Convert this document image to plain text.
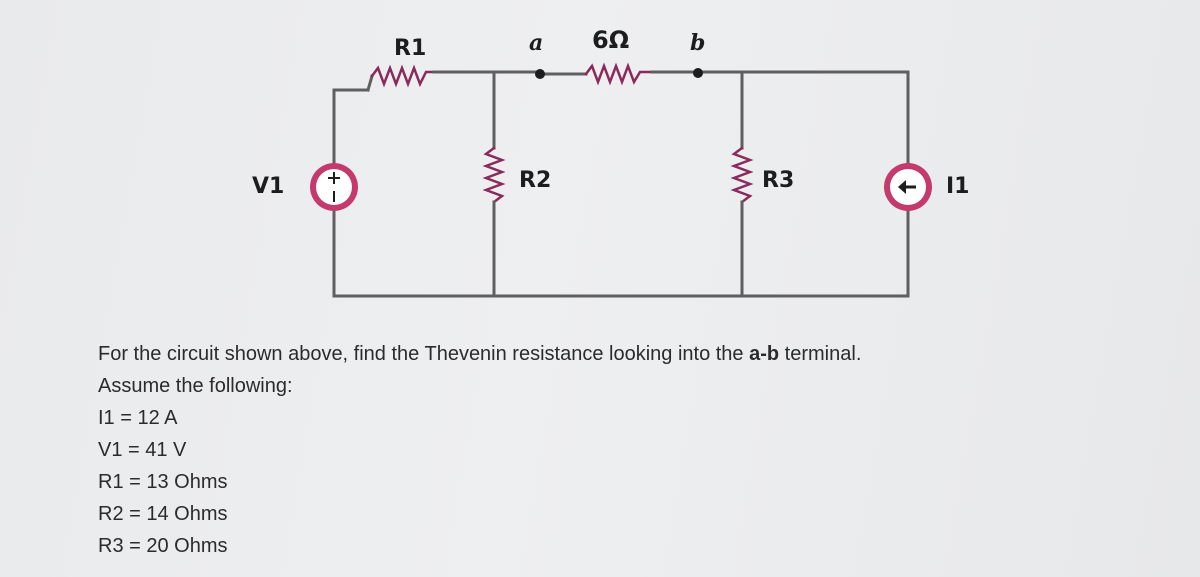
R1	a 6Ω	b
V1	R2	R3	I1
For the circuit shown above, find the Thevenin resistance looking into the a-b terminal.
Assume the following:
I1 = 12 A
V1 = 41 V
R1 = 13 Ohms
R2 = 14 Ohms
R3 = 20 Ohms
